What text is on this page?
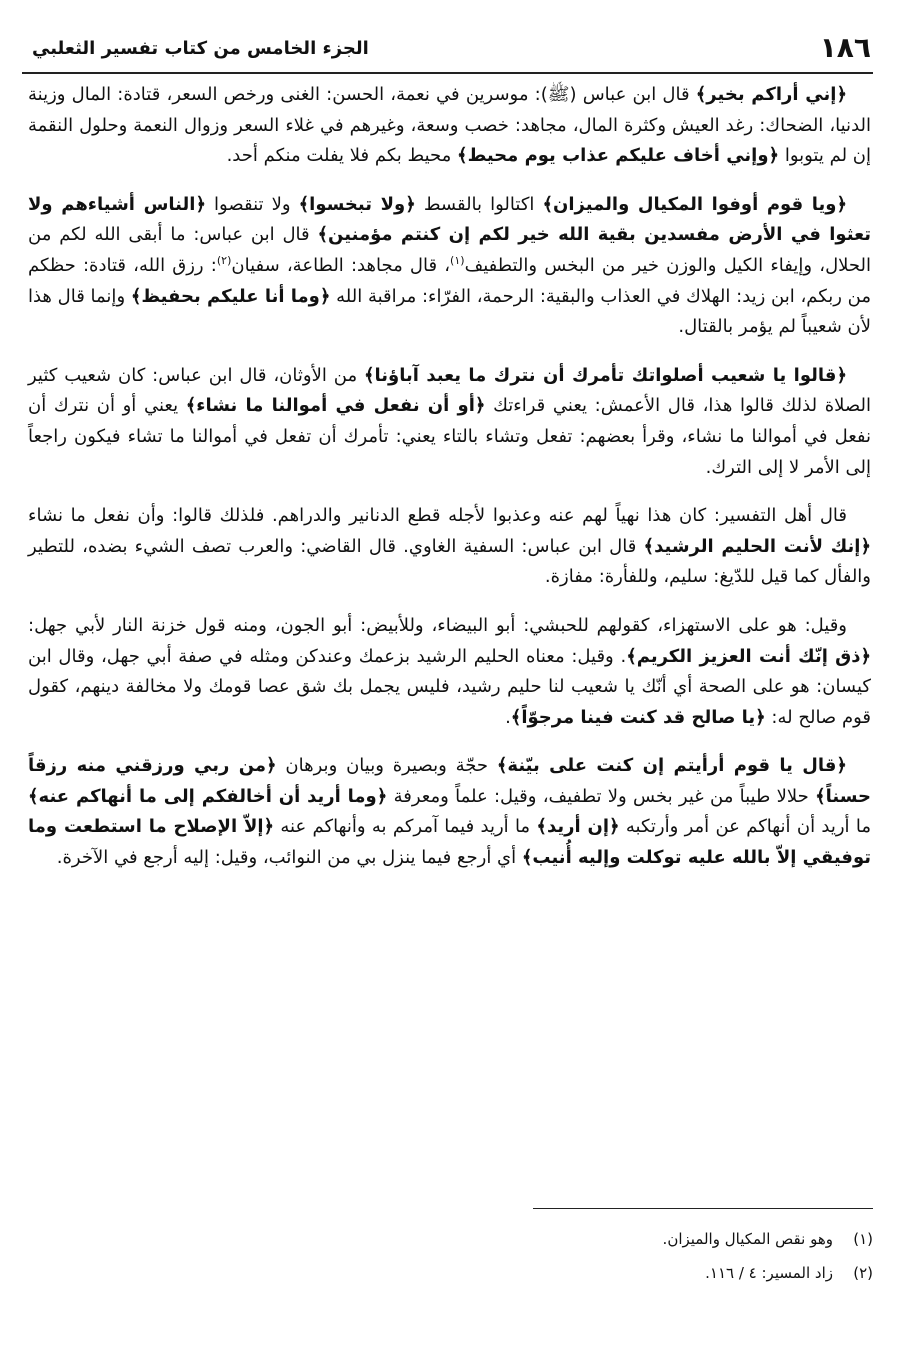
١٨٦
الجزء الخامس من كتاب تفسير الثعلبي

﴿إني أراكم بخير﴾ قال ابن عباس (ﷺ): موسرين في نعمة، الحسن: الغنى ورخص السعر، قتادة: المال وزينة الدنيا، الضحاك: رغد العيش وكثرة المال، مجاهد: خصب وسعة، وغيرهم في غلاء السعر وزوال النعمة وحلول النقمة إن لم يتوبوا ﴿وإني أخاف عليكم عذاب يوم محيط﴾ محيط بكم فلا يفلت منكم أحد.

﴿ويا قوم أوفوا المكيال والميزان﴾ اكتالوا بالقسط ﴿ولا تبخسوا﴾ ولا تنقصوا ﴿الناس أشياءهم ولا تعثوا في الأرض مفسدين بقية الله خير لكم إن كنتم مؤمنين﴾ قال ابن عباس: ما أبقى الله لكم من الحلال، وإيفاء الكيل والوزن خير من البخس والتطفيف$^{(١)}$، قال مجاهد: الطاعة، سفيان$^{(٢)}$: رزق الله، قتادة: حظكم من ربكم، ابن زيد: الهلاك في العذاب والبقية: الرحمة، الفرّاء: مراقبة الله ﴿وما أنا عليكم بحفيظ﴾ وإنما قال هذا لأن شعيباً لم يؤمر بالقتال.

﴿قالوا يا شعيب أصلواتك تأمرك أن نترك ما يعبد آباؤنا﴾ من الأوثان، قال ابن عباس: كان شعيب كثير الصلاة لذلك قالوا هذا، قال الأعمش: يعني قراءتك ﴿أو أن نفعل في أموالنا ما نشاء﴾ يعني أو أن نترك أن نفعل في أموالنا ما نشاء، وقرأ بعضهم: تفعل وتشاء بالتاء يعني: تأمرك أن تفعل في أموالنا ما تشاء فيكون راجعاً إلى الأمر لا إلى الترك.

قال أهل التفسير: كان هذا نهياً لهم عنه وعذبوا لأجله قطع الدنانير والدراهم. فلذلك قالوا: وأن نفعل ما نشاء ﴿إنك لأنت الحليم الرشيد﴾ قال ابن عباس: السفية الغاوي. قال القاضي: والعرب تصف الشيء بضده، للتطير والفأل كما قيل للدّيغ: سليم، وللفأرة: مفازة.

وقيل: هو على الاستهزاء، كقولهم للحبشي: أبو البيضاء، وللأبيض: أبو الجون، ومنه قول خزنة النار لأبي جهل: ﴿ذق إنّك أنت العزيز الكريم﴾. وقيل: معناه الحليم الرشيد بزعمك وعندكن ومثله في صفة أبي جهل، وقال ابن كيسان: هو على الصحة أي أنّك يا شعيب لنا حليم رشيد، فليس يجمل بك شق عصا قومك ولا مخالفة دينهم، كقول قوم صالح له: ﴿يا صالح قد كنت فينا مرجوّاً﴾.

﴿قال يا قوم أرأيتم إن كنت على بيّنة﴾ حجّة وبصيرة وبيان وبرهان ﴿من ربي ورزقني منه رزقاً حسناً﴾ حلالا طيباً من غير بخس ولا تطفيف، وقيل: علماً ومعرفة ﴿وما أريد أن أخالفكم إلى ما أنهاكم عنه﴾ ما أريد أن أنهاكم عن أمر وأرتكبه ﴿إن أريد﴾ ما أريد فيما آمركم به وأنهاكم عنه ﴿إلاّ الإصلاح ما استطعت وما توفيقي إلاّ بالله عليه توكلت وإليه أُنيب﴾ أي أرجع فيما ينزل بي من النوائب، وقيل: إليه أرجع في الآخرة.

(١)
وهو نقص المكيال والميزان.
(٢)
زاد المسير: ٤ / ١١٦.
